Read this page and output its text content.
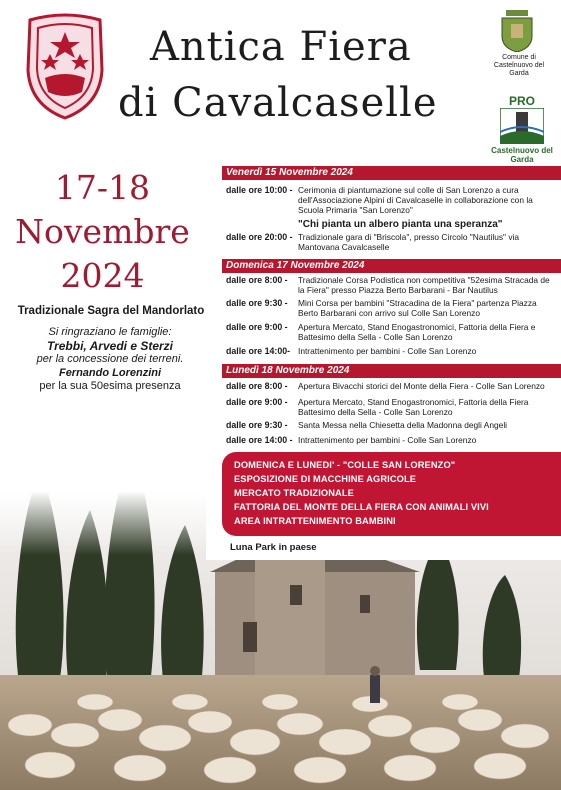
Antica Fiera
di Cavalcaselle
Comune di Castelnuovo del Garda
PRO
Castelnuovo del Garda
17-18
Novembre
2024
Tradizionale Sagra del Mandorlato
Si ringraziano le famiglie:
Trebbi, Arvedi e Sterzi
per la concessione dei terreni.
Fernando Lorenzini
per la sua 50esima presenza
Venerdì 15 Novembre 2024
dalle ore 10:00 - Cerimonia di piantumazione sul colle di San Lorenzo a cura dell'Associazione Alpini di Cavalcaselle in collaborazione con la Scuola Primaria "San Lorenzo"
"Chi pianta un albero pianta una speranza"
dalle ore 20:00 - Tradizionale gara di "Briscola", presso Circolo "Nautilus" via Mantovana Cavalcaselle
Domenica 17 Novembre 2024
dalle ore 8:00 -	Tradizionale Corsa Podistica non competitiva "52esima Stracada de la Fiera" presso Piazza Berto Barbarani - Bar Nautilus
dalle ore 9:30 -	Mini Corsa per bambini "Stracadina de la Fiera" partenza Piazza Berto Barbarani con arrivo sul Colle San Lorenzo
dalle ore 9:00 -	Apertura Mercato, Stand Enogastronomici, Fattoria della Fiera e Battesimo della Sella - Colle San Lorenzo
dalle ore 14:00- Intrattenimento per bambini - Colle San Lorenzo
Lunedì 18 Novembre 2024
dalle ore 8:00 -	Apertura Bivacchi storici del Monte della Fiera - Colle San Lorenzo
dalle ore 9:00 -	Apertura Mercato, Stand Enogastronomici, Fattoria della Fiera Battesimo della Sella - Colle San Lorenzo
dalle ore 9:30 -	Santa Messa nella Chiesetta della Madonna degli Angeli
dalle ore 14:00 - Intrattenimento per bambini - Colle San Lorenzo
DOMENICA E LUNEDI' - "COLLE SAN LORENZO"
ESPOSIZIONE DI MACCHINE AGRICOLE
MERCATO TRADIZIONALE
FATTORIA DEL MONTE DELLA FIERA CON ANIMALI VIVI
AREA INTRATTENIMENTO BAMBINI
Luna Park in paese
